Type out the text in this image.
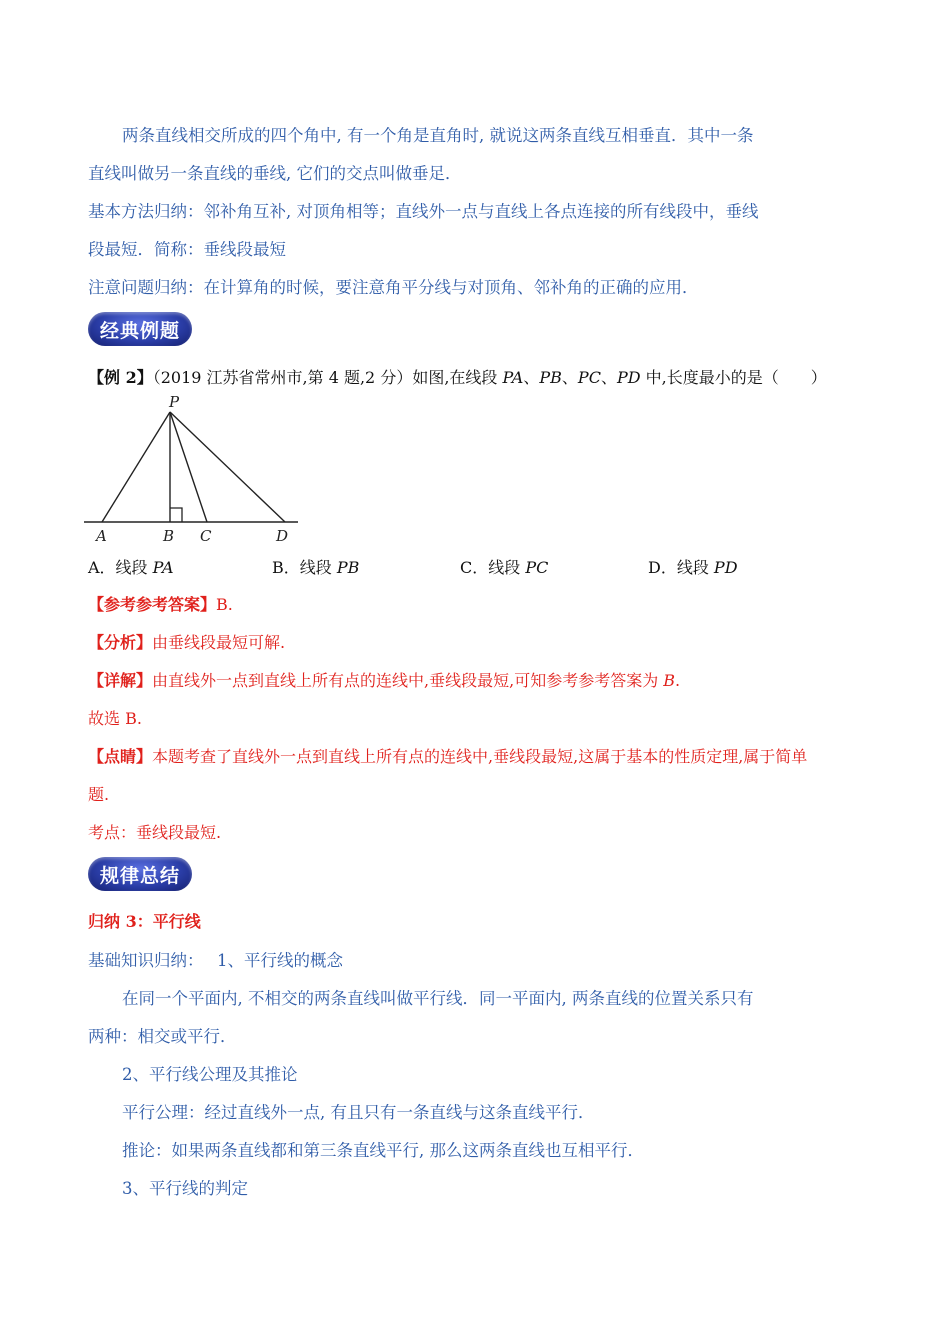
两条直线相交所成的四个角中, 有一个角是直角时, 就说这两条直线互相垂直．其中一条
直线叫做另一条直线的垂线, 它们的交点叫做垂足．
基本方法归纳：邻补角互补, 对顶角相等；直线外一点与直线上各点连接的所有线段中，垂线
段最短．简称：垂线段最短
注意问题归纳：在计算角的时候，要注意角平分线与对顶角、邻补角的正确的应用．
经典例题
【例 2】（2019 江苏省常州市,第 4 题,2 分）如图,在线段 PA、PB、PC、PD 中,长度最小的是（　　）
P
A	B C	D
A．线段 PA	B．线段 PB	C．线段 PC	D．线段 PD
【参考参考答案】B.
【分析】由垂线段最短可解.
【详解】由直线外一点到直线上所有点的连线中,垂线段最短,可知参考参考答案为 B.
故选 B.
【点睛】本题考查了直线外一点到直线上所有点的连线中,垂线段最短,这属于基本的性质定理,属于简单
题.
考点：垂线段最短.
规律总结
归纳 3：平行线
基础知识归纳：　 1、平行线的概念
在同一个平面内, 不相交的两条直线叫做平行线．同一平面内, 两条直线的位置关系只有
两种：相交或平行．
2、平行线公理及其推论
平行公理：经过直线外一点, 有且只有一条直线与这条直线平行．
推论：如果两条直线都和第三条直线平行, 那么这两条直线也互相平行．
3、平行线的判定
